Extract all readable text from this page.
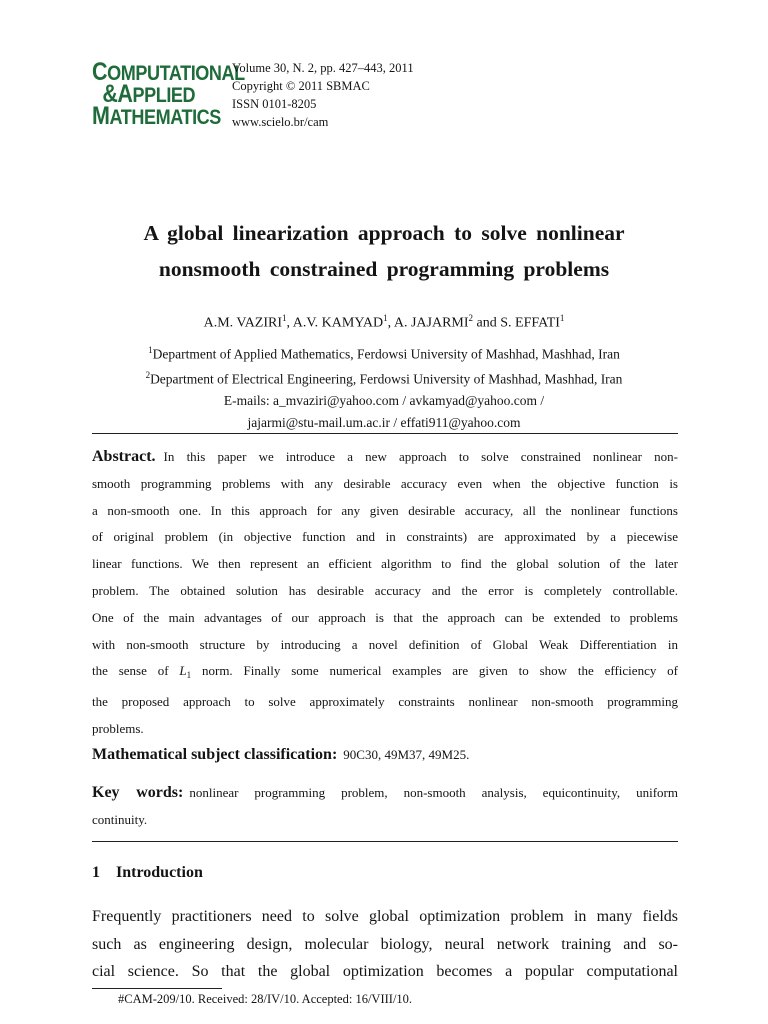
COMPUTATIONAL
&APPLIED
MATHEMATICS
Volume 30, N. 2, pp. 427–443, 2011
Copyright © 2011 SBMAC
ISSN 0101-8205
www.scielo.br/cam
A global linearization approach to solve nonlinear
nonsmooth constrained programming problems
A.M. VAZIRI$^1$, A.V. KAMYAD$^1$, A. JAJARMI$^2$ and S. EFFATI$^1$
$^1$Department of Applied Mathematics, Ferdowsi University of Mashhad, Mashhad, Iran
$^2$Department of Electrical Engineering, Ferdowsi University of Mashhad, Mashhad, Iran
E-mails: a_mvaziri@yahoo.com / avkamyad@yahoo.com /
jajarmi@stu-mail.um.ac.ir / effati911@yahoo.com
Abstract. In this paper we introduce a new approach to solve constrained nonlinear non-
smooth programming problems with any desirable accuracy even when the objective function is
a non-smooth one. In this approach for any given desirable accuracy, all the nonlinear functions
of original problem (in objective function and in constraints) are approximated by a piecewise
linear functions. We then represent an efficient algorithm to find the global solution of the later
problem. The obtained solution has desirable accuracy and the error is completely controllable.
One of the main advantages of our approach is that the approach can be extended to problems
with non-smooth structure by introducing a novel definition of Global Weak Differentiation in
the sense of $L_1$ norm. Finally some numerical examples are given to show the efficiency of
the proposed approach to solve approximately constraints nonlinear non-smooth programming
problems.
Mathematical subject classification: 90C30, 49M37, 49M25.
Key words: nonlinear programming problem, non-smooth analysis, equicontinuity, uniform
continuity.
1 Introduction
Frequently practitioners need to solve global optimization problem in many fields
such as engineering design, molecular biology, neural network training and so-
cial science. So that the global optimization becomes a popular computational
#CAM-209/10. Received: 28/IV/10. Accepted: 16/VIII/10.
